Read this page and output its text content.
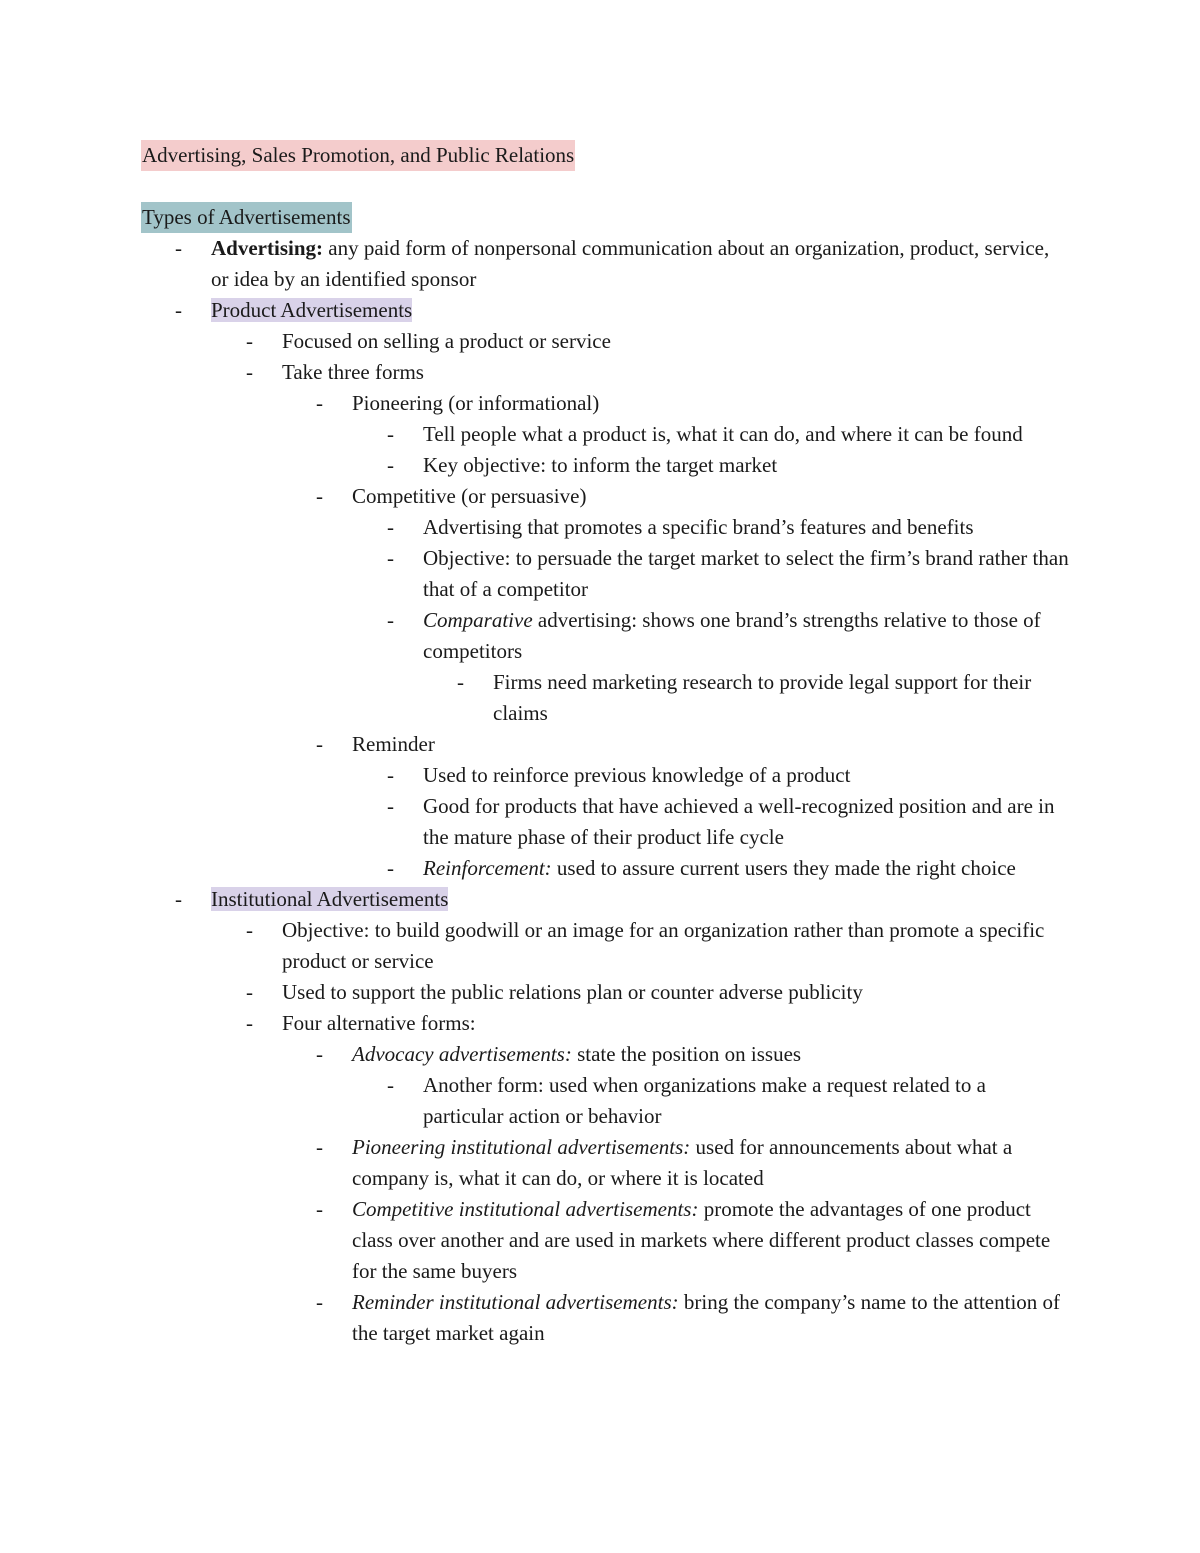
Advertising, Sales Promotion, and Public Relations
Types of Advertisements
- Advertising: any paid form of nonpersonal communication about an organization, product, service, or idea by an identified sponsor
- Product Advertisements
- Focused on selling a product or service
- Take three forms
- Pioneering (or informational)
- Tell people what a product is, what it can do, and where it can be found
- Key objective: to inform the target market
- Competitive (or persuasive)
- Advertising that promotes a specific brand’s features and benefits
- Objective: to persuade the target market to select the firm’s brand rather than that of a competitor
- Comparative advertising: shows one brand’s strengths relative to those of competitors
- Firms need marketing research to provide legal support for their claims
- Reminder
- Used to reinforce previous knowledge of a product
- Good for products that have achieved a well-recognized position and are in the mature phase of their product life cycle
- Reinforcement: used to assure current users they made the right choice
- Institutional Advertisements
- Objective: to build goodwill or an image for an organization rather than promote a specific product or service
- Used to support the public relations plan or counter adverse publicity
- Four alternative forms:
- Advocacy advertisements: state the position on issues
- Another form: used when organizations make a request related to a particular action or behavior
- Pioneering institutional advertisements: used for announcements about what a company is, what it can do, or where it is located
- Competitive institutional advertisements: promote the advantages of one product class over another and are used in markets where different product classes compete for the same buyers
- Reminder institutional advertisements: bring the company’s name to the attention of the target market again
